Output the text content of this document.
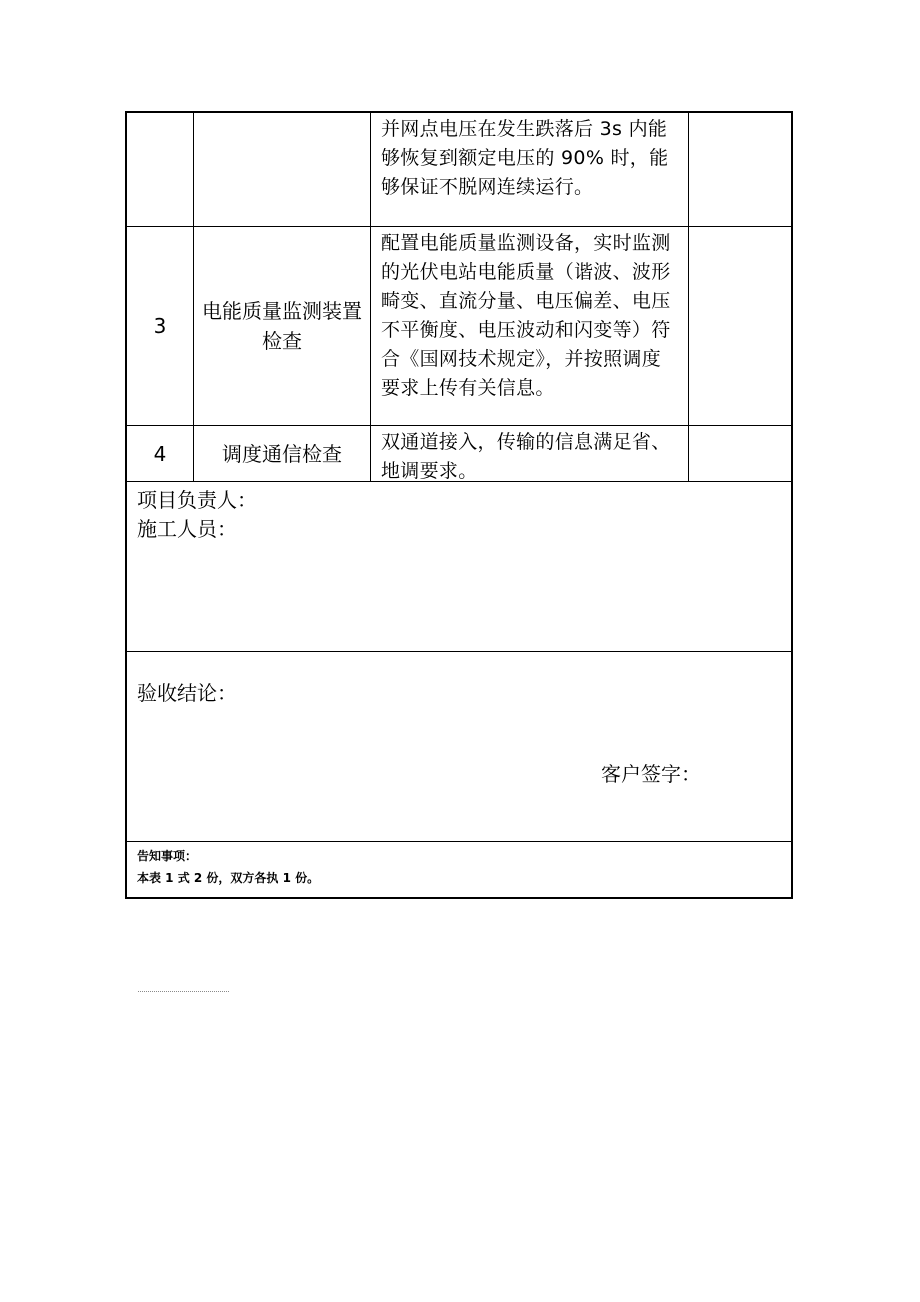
并网点电压在发生跌落后 3s 内能够恢复到额定电压的 90% 时，能够保证不脱网连续运行。
3
电能质量监测装置检查
配置电能质量监测设备，实时监测的光伏电站电能质量（谐波、波形畸变、直流分量、电压偏差、电压不平衡度、电压波动和闪变等）符合《国网技术规定》，并按照调度要求上传有关信息。
4	调度通信检查	双通道接入，传输的信息满足省、地调要求。
项目负责人：
施工人员：
验收结论：
客户签字：
告知事项：
本表 1 式 2 份，双方各执 1 份。
